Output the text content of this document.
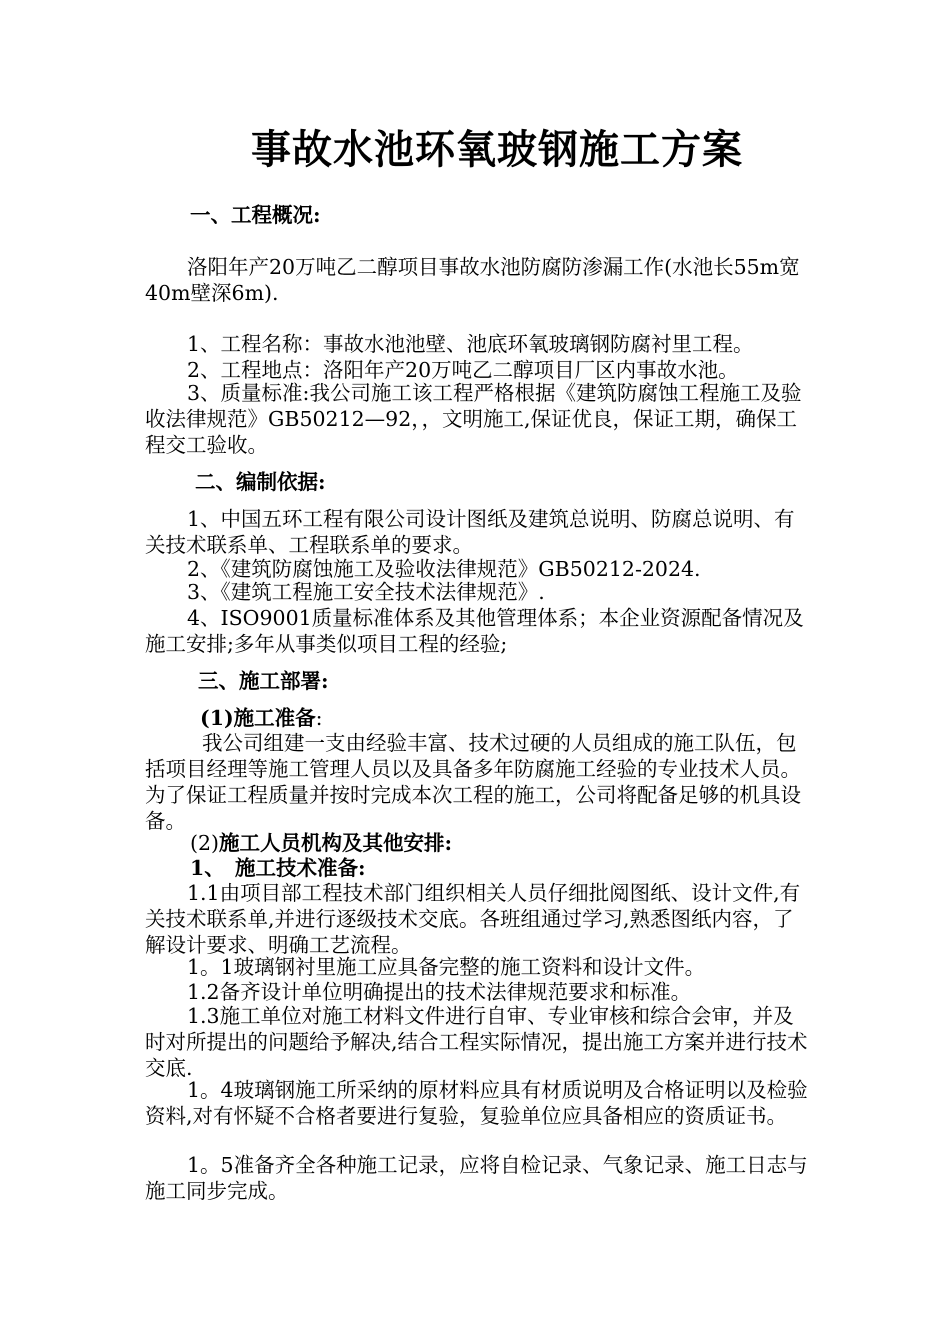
事故水池环氧玻钢施工方案

一、工程概况:

洛阳年产20万吨乙二醇项目事故水池防腐防渗漏工作(水池长55m宽40m壁深6m).

1、工程名称：事故水池池壁、池底环氧玻璃钢防腐衬里工程。

2、工程地点：洛阳年产20万吨乙二醇项目厂区内事故水池。

3、质量标准:我公司施工该工程严格根据《建筑防腐蚀工程施工及验收法律规范》GB50212—92，，文明施工,保证优良，保证工期，确保工程交工验收。

二、编制依据:

1、中国五环工程有限公司设计图纸及建筑总说明、防腐总说明、有关技术联系单、工程联系单的要求。

2、《建筑防腐蚀施工及验收法律规范》GB50212-2024.

3、《建筑工程施工安全技术法律规范》.

4、ISO9001质量标准体系及其他管理体系；本企业资源配备情况及施工安排;多年从事类似项目工程的经验;

三、施工部署:

(1)施工准备:

我公司组建一支由经验丰富、技术过硬的人员组成的施工队伍，包括项目经理等施工管理人员以及具备多年防腐施工经验的专业技术人员。为了保证工程质量并按时完成本次工程的施工，公司将配备足够的机具设备。

(2)施工人员机构及其他安排:

1、　施工技术准备:

1.1由项目部工程技术部门组织相关人员仔细批阅图纸、设计文件,有关技术联系单,并进行逐级技术交底。各班组通过学习,熟悉图纸内容，了解设计要求、明确工艺流程。

1。1玻璃钢衬里施工应具备完整的施工资料和设计文件。

1.2备齐设计单位明确提出的技术法律规范要求和标准。

1.3施工单位对施工材料文件进行自审、专业审核和综合会审，并及时对所提出的问题给予解决,结合工程实际情况，提出施工方案并进行技术交底.

1。4玻璃钢施工所采纳的原材料应具有材质说明及合格证明以及检验资料,对有怀疑不合格者要进行复验，复验单位应具备相应的资质证书。

1。5准备齐全各种施工记录，应将自检记录、气象记录、施工日志与施工同步完成。
